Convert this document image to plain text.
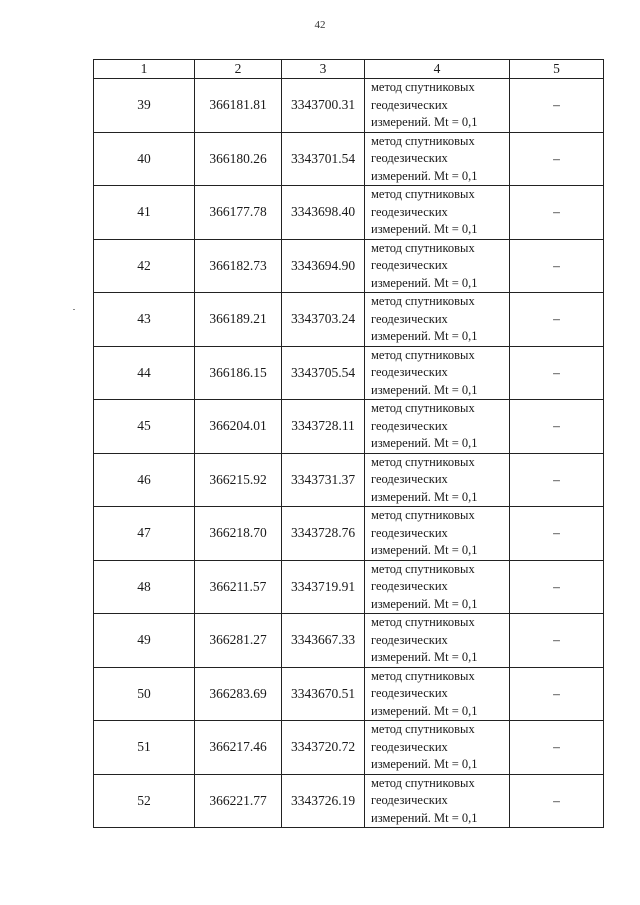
42
1	2	3	4	5
39	366181.81	3343700.31	метод спутниковых
геодезических
измерений. Mt = 0,1	–
40	366180.26	3343701.54	метод спутниковых
геодезических
измерений. Mt = 0,1	–
41	366177.78	3343698.40	метод спутниковых
геодезических
измерений. Mt = 0,1	–
42	366182.73	3343694.90	метод спутниковых
геодезических
измерений. Mt = 0,1	–
43	366189.21	3343703.24	метод спутниковых
геодезических
измерений. Mt = 0,1	–
44	366186.15	3343705.54	метод спутниковых
геодезических
измерений. Mt = 0,1	–
45	366204.01	3343728.11	метод спутниковых
геодезических
измерений. Mt = 0,1	–
46	366215.92	3343731.37	метод спутниковых
геодезических
измерений. Mt = 0,1	–
47	366218.70	3343728.76	метод спутниковых
геодезических
измерений. Mt = 0,1	–
48	366211.57	3343719.91	метод спутниковых
геодезических
измерений. Mt = 0,1	–
49	366281.27	3343667.33	метод спутниковых
геодезических
измерений. Mt = 0,1	–
50	366283.69	3343670.51	метод спутниковых
геодезических
измерений. Mt = 0,1	–
51	366217.46	3343720.72	метод спутниковых
геодезических
измерений. Mt = 0,1	–
52	366221.77	3343726.19	метод спутниковых
геодезических
измерений. Mt = 0,1	–
